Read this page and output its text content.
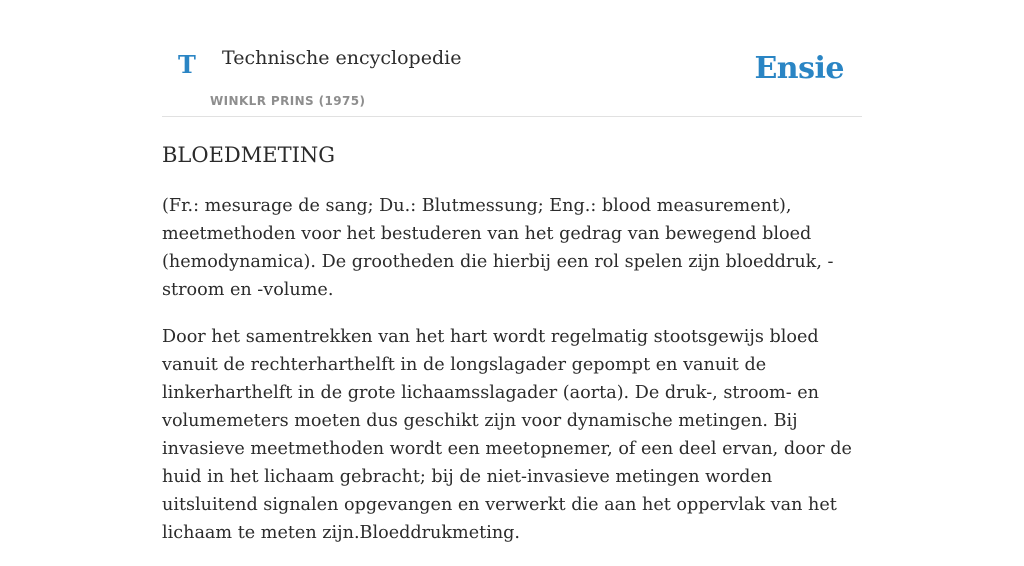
T Technische encyclopedie
WINKLR PRINS (1975)
Ensie
BLOEDMETING

(Fr.: mesurage de sang; Du.: Blutmessung; Eng.: blood measurement), meetmethoden voor het bestuderen van het gedrag van bewegend bloed (hemodynamica). De grootheden die hierbij een rol spelen zijn bloeddruk, -stroom en -volume.

Door het samentrekken van het hart wordt regelmatig stootsgewijs bloed vanuit de rechterharthelft in de longslagader gepompt en vanuit de linkerharthelft in de grote lichaamsslagader (aorta). De druk-, stroom- en volumemeters moeten dus geschikt zijn voor dynamische metingen. Bij invasieve meetmethoden wordt een meetopnemer, of een deel ervan, door de huid in het lichaam gebracht; bij de niet-invasieve metingen worden uitsluitend signalen opgevangen en verwerkt die aan het oppervlak van het lichaam te meten zijn.Bloeddrukmeting.
